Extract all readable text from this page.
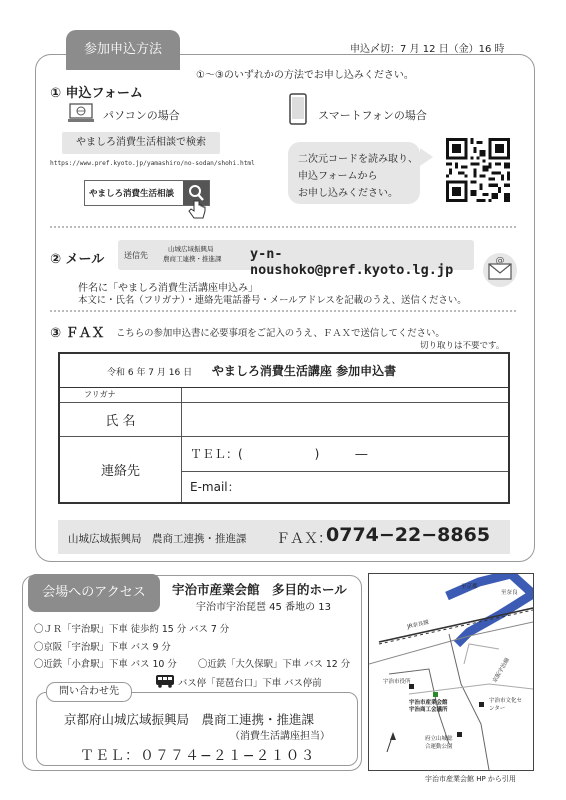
参加申込方法	申込〆切：7 月 12 日（金）16 時
①〜③のいずれかの方法でお申し込みください。
① 申込フォーム
パソコンの場合
やましろ消費生活相談で検索
https://www.pref.kyoto.jp/yamashiro/no-sodan/shohi.html
やましろ消費生活相談
スマートフォンの場合
二次元コードを読み取り、
申込フォームから
お申し込みください。
② メール 送信先
山城広域振興局
農商工連携・推進課 y-n-noushoko@pref.kyoto.lg.jp
@
件名に「やましろ消費生活講座申込み」
本文に・氏名（フリガナ）・連絡先電話番号・メールアドレスを記載のうえ、送信ください。
③ ＦＡＸ こちらの参加申込書に必要事項をご記入のうえ、ＦＡＸで送信してください。
切り取りは不要です。
令和 6 年 7 月 16 日 やましろ消費生活講座 参加申込書	
フリガナ	
氏 名	
連絡先	ＴＥＬ：(　　　　　　)　　　―
	E-mail：
山城広域振興局　農商工連携・推進課 ＦＡＸ：
0774−22−8865
会場へのアクセス	宇治市産業会館　多目的ホール
宇治市宇治琵琶 45 番地の 13
〇ＪＲ「宇治駅」下車 徒歩約 15 分 バス 7 分
〇京阪「宇治駅」下車 バス 9 分
〇近鉄「小倉駅」下車 バス 10 分 〇近鉄「大久保駅」下車 バス 12 分
バス停「琵琶台口」下車 バス停前
問い合わせ先
京都府山城広域振興局　農商工連携・推進課
（消費生活講座担当）
ＴＥＬ：０７７４−２１−２１０３
JR奈良線
京阪宇治線
至京都
至奈良
宇治市役所
宇治市産業会館
宇治商工会議所
宇治市文化センター
府立山城総合運動公園
宇治市産業会館 HP から引用
